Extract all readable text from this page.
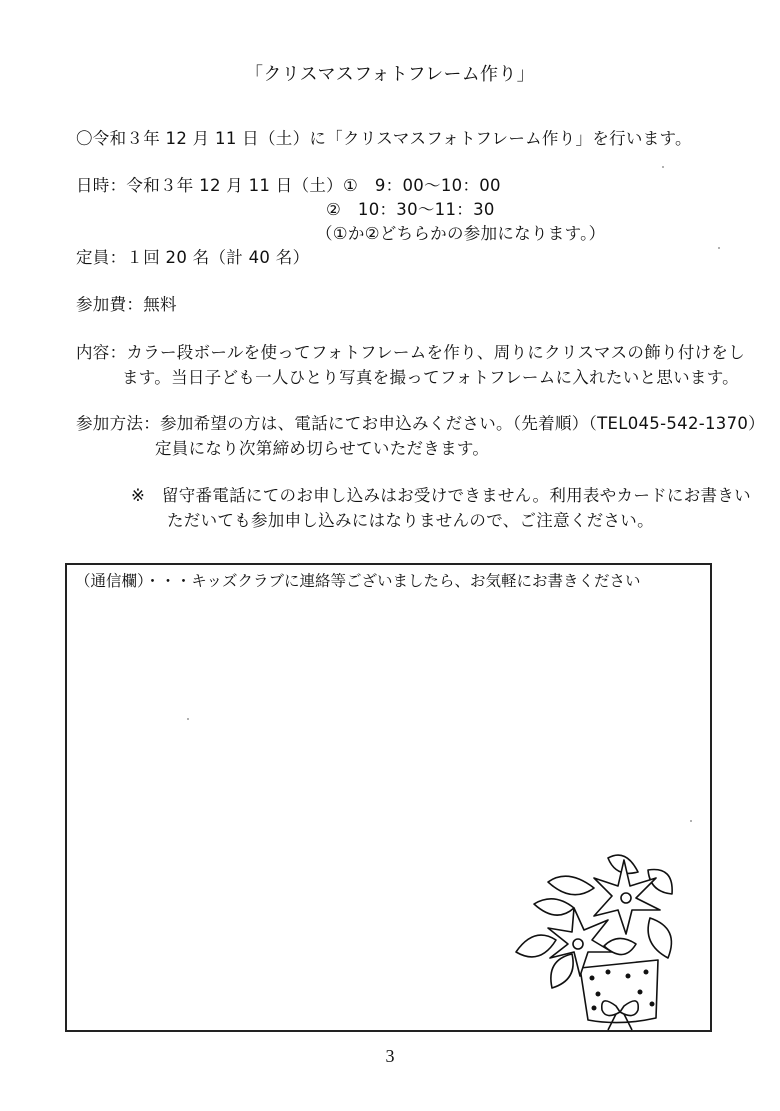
「クリスマスフォトフレーム作り」
〇令和３年 12 月 11 日（土）に「クリスマスフォトフレーム作り」を行います。
日時：令和３年 12 月 11 日（土）①　9：00〜10：00
②　10：30〜11：30
（①か②どちらかの参加になります。）
定員：１回 20 名（計 40 名）
参加費：無料
内容：カラー段ボールを使ってフォトフレームを作り、周りにクリスマスの飾り付けをし
ます。当日子ども一人ひとり写真を撮ってフォトフレームに入れたいと思います。
参加方法：参加希望の方は、電話にてお申込みください。（先着順）（TEL045-542-1370）
定員になり次第締め切らせていただきます。
※　留守番電話にてのお申し込みはお受けできません。利用表やカードにお書きい
ただいても参加申し込みにはなりませんので、ご注意ください。
（通信欄）・・・キッズクラブに連絡等ございましたら、お気軽にお書きください
3
